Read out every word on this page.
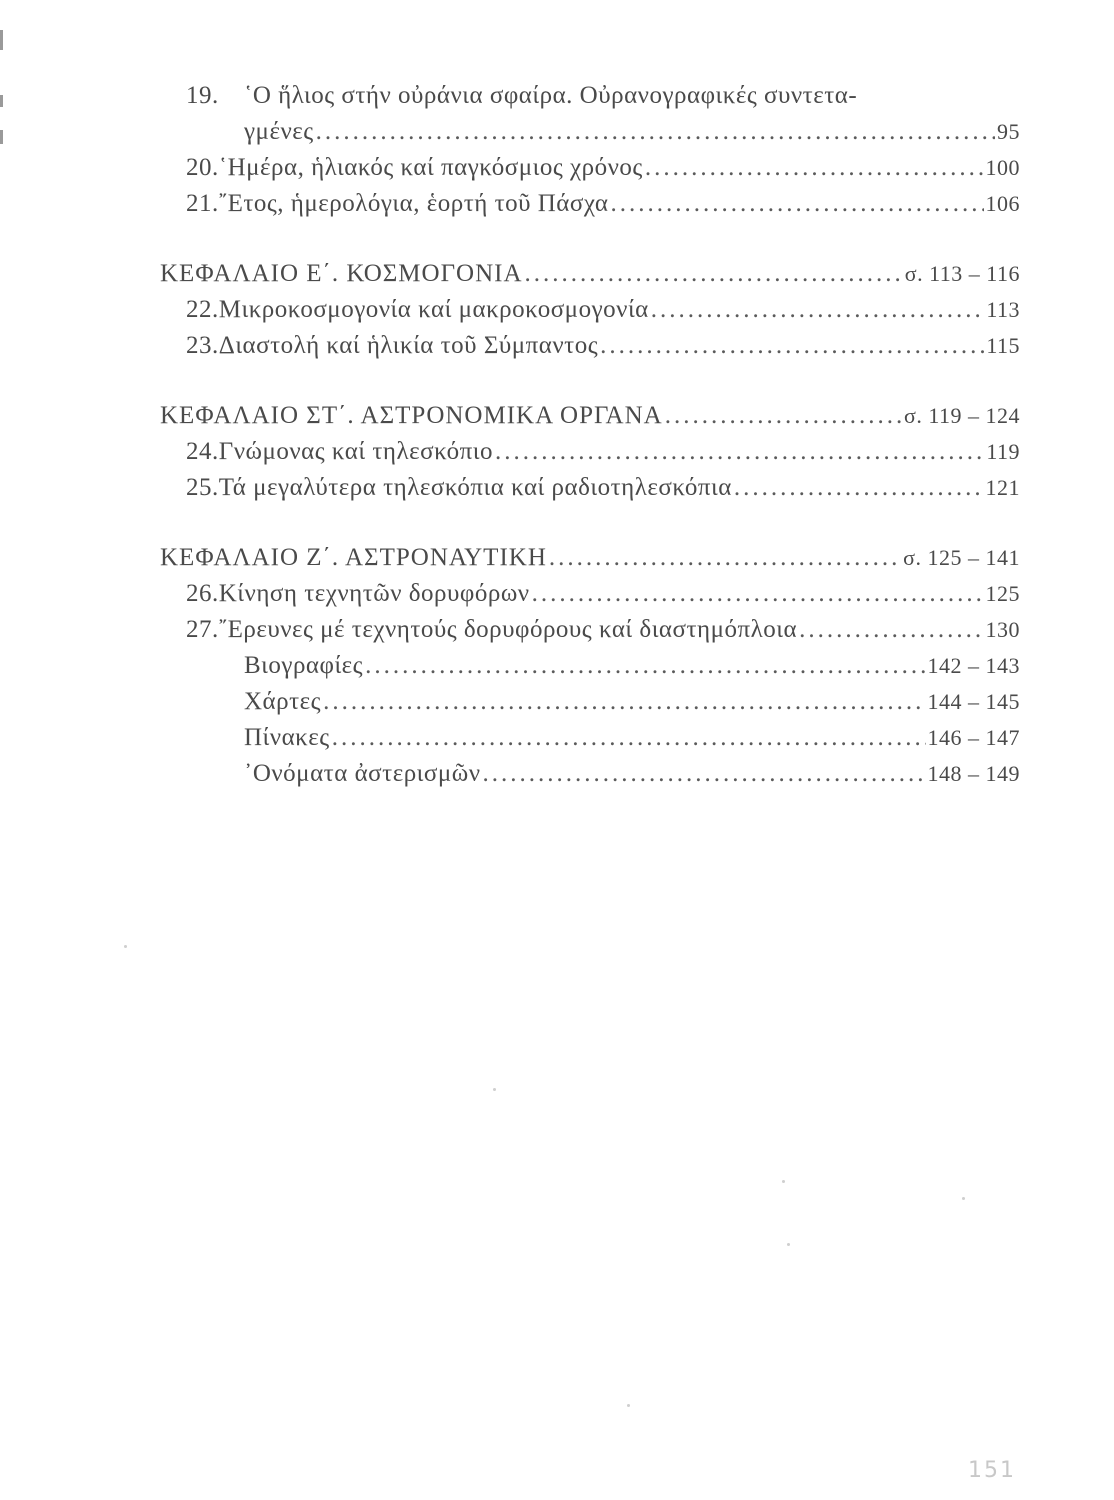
19.	῾Ο ἥλιος στήν οὐράνια σφαίρα. Οὐρανογραφικές συντετα-
γμένες .....	95
20. ῾Ημέρα, ἡλιακός καί παγκόσμιος χρόνος .....	100
21. ῎Ετος, ἡμερολόγια, ἑορτή τοῦ Πάσχα .....	106
ΚΕΦΑΛΑΙΟ Ε΄. ΚΟΣΜΟΓΟΝΙΑ .....	σ. 113 – 116
22. Μικροκοσμογονία καί μακροκοσμογονία .....	113
23. Διαστολή καί ἡλικία τοῦ Σύμπαντος .....	115
ΚΕΦΑΛΑΙΟ ΣΤ΄. ΑΣΤΡΟΝΟΜΙΚΑ ΟΡΓΑΝΑ .....	σ. 119 – 124
24. Γνώμονας καί τηλεσκόπιο .....	119
25. Τά μεγαλύτερα τηλεσκόπια καί ραδιοτηλεσκόπια .....	121
ΚΕΦΑΛΑΙΟ Ζ΄. ΑΣΤΡΟΝΑΥΤΙΚΗ .....	σ. 125 – 141
26. Κίνηση τεχνητῶν δορυφόρων .....	125
27. ῎Ερευνες μέ τεχνητούς δορυφόρους καί διαστημόπλοια .....	130
Βιογραφίες .....	142 – 143
Χάρτες .....	144 – 145
Πίνακες .....	146 – 147
᾿Ονόματα ἀστερισμῶν .....	148 – 149
151
